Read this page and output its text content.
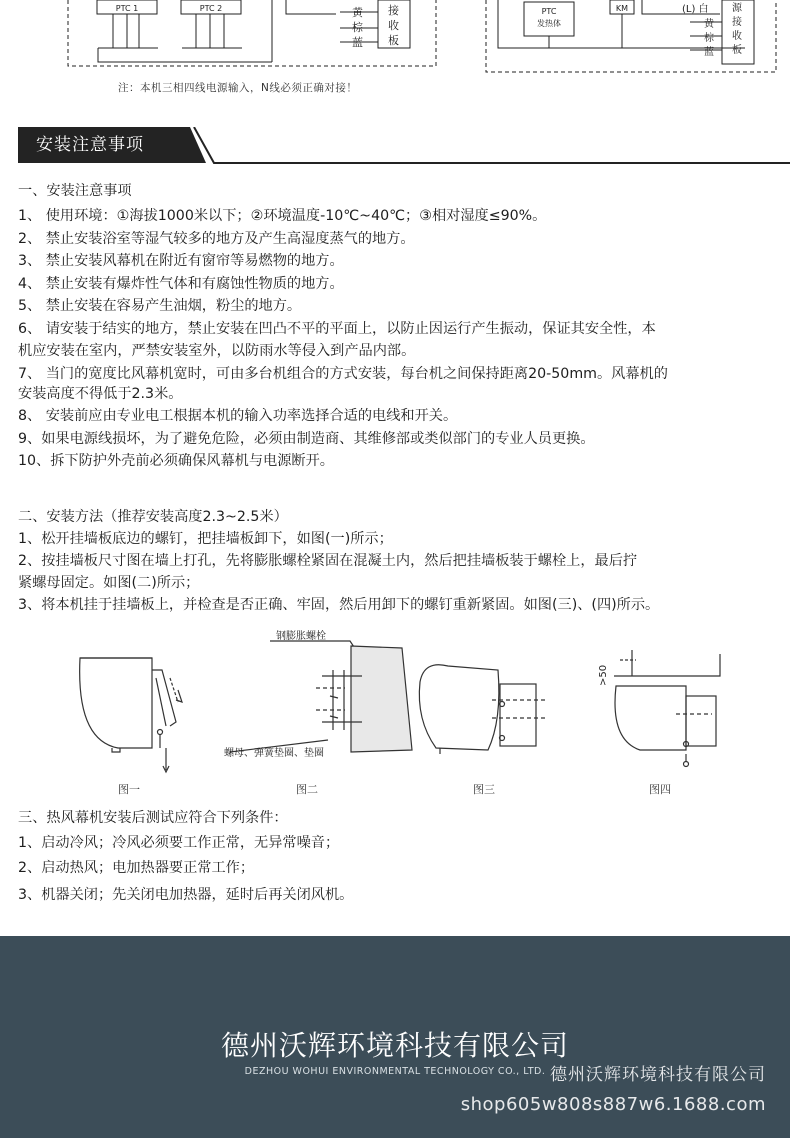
PTC 1	PTC 2	PTC
发热体
KM
黄
棕
蓝
接
收
板
(L) 白
黄
棕
蓝
源
接
收
板
注：本机三相四线电源输入，N线必须正确对接！
安装注意事项
一、安装注意事项
1、 使用环境：①海拔1000米以下；②环境温度-10℃~40℃；③相对湿度≤90%。
2、 禁止安装浴室等湿气较多的地方及产生高湿度蒸气的地方。
3、 禁止安装风幕机在附近有窗帘等易燃物的地方。
4、 禁止安装有爆炸性气体和有腐蚀性物质的地方。
5、 禁止安装在容易产生油烟，粉尘的地方。
6、 请安装于结实的地方，禁止安装在凹凸不平的平面上，以防止因运行产生振动，保证其安全性，本
机应安装在室内，严禁安装室外，以防雨水等侵入到产品内部。
7、 当门的宽度比风幕机宽时，可由多台机组合的方式安装，每台机之间保持距离20-50mm。风幕机的
安装高度不得低于2.3米。
8、 安装前应由专业电工根据本机的输入功率选择合适的电线和开关。
9、如果电源线损坏，为了避免危险，必须由制造商、其维修部或类似部门的专业人员更换。
10、拆下防护外壳前必须确保风幕机与电源断开。
二、安装方法（推荐安装高度2.3~2.5米）
1、松开挂墙板底边的螺钉，把挂墙板卸下，如图(一)所示；
2、按挂墙板尺寸图在墙上打孔，先将膨胀螺栓紧固在混凝土内，然后把挂墙板装于螺栓上，最后拧
紧螺母固定。如图(二)所示；
3、将本机挂于挂墙板上，并检查是否正确、牢固，然后用卸下的螺钉重新紧固。如图(三)、(四)所示。
钢膨胀螺栓
螺母、弹簧垫圈、垫圈
>50
图一	图二	图三	图四
三、热风幕机安装后测试应符合下列条件：
1、启动冷风；冷风必须要工作正常，无异常噪音；
2、启动热风；电加热器要正常工作；
3、机器关闭；先关闭电加热器，延时后再关闭风机。
德州沃辉环境科技有限公司
DEZHOU WOHUI ENVIRONMENTAL TECHNOLOGY CO., LTD. 德州沃辉环境科技有限公司
shop605w808s887w6.1688.com
